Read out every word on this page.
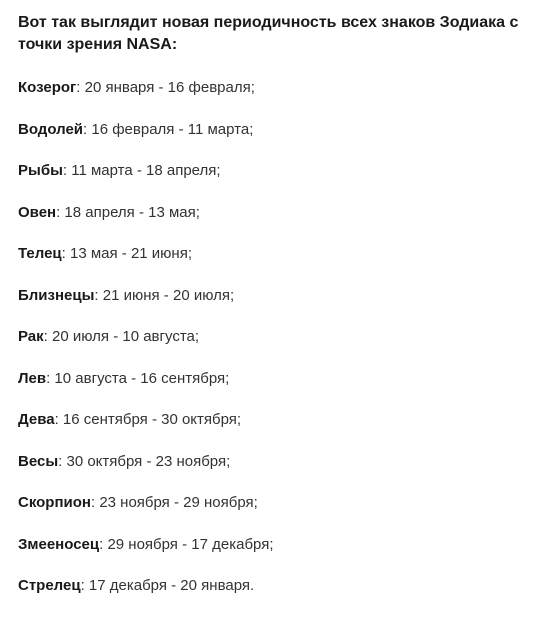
Вот так выглядит новая периодичность всех знаков Зодиака с точки зрения NASA:

Козерог: 20 января - 16 февраля;
Водолей: 16 февраля - 11 марта;
Рыбы: 11 марта - 18 апреля;
Овен: 18 апреля - 13 мая;
Телец: 13 мая - 21 июня;
Близнецы: 21 июня - 20 июля;
Рак: 20 июля - 10 августа;
Лев: 10 августа - 16 сентября;
Дева: 16 сентября - 30 октября;
Весы: 30 октября - 23 ноября;
Скорпион: 23 ноября - 29 ноября;
Змееносец: 29 ноября - 17 декабря;
Стрелец: 17 декабря - 20 января.
